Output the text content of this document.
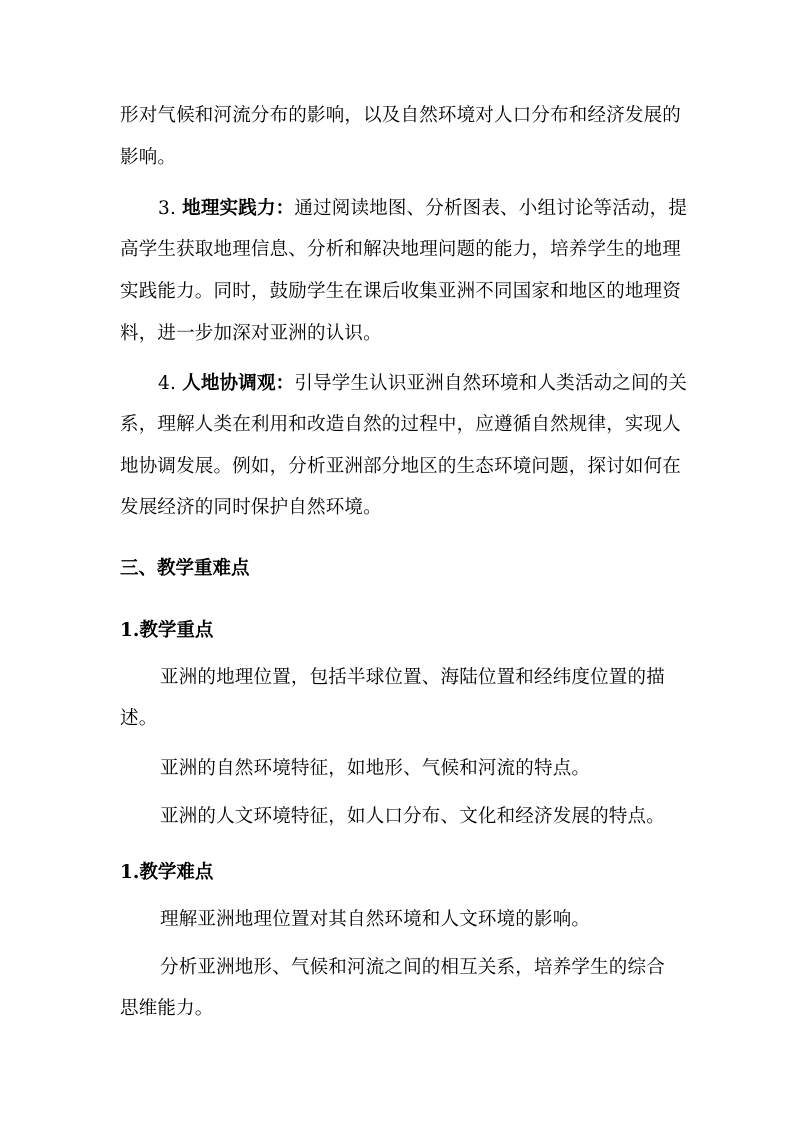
形对气候和河流分布的影响，以及自然环境对人口分布和经济发展的
影响。
3. 地理实践力：通过阅读地图、分析图表、小组讨论等活动，提
高学生获取地理信息、分析和解决地理问题的能力，培养学生的地理
实践能力。同时，鼓励学生在课后收集亚洲不同国家和地区的地理资
料，进一步加深对亚洲的认识。
4. 人地协调观：引导学生认识亚洲自然环境和人类活动之间的关
系，理解人类在利用和改造自然的过程中，应遵循自然规律，实现人
地协调发展。例如，分析亚洲部分地区的生态环境问题，探讨如何在
发展经济的同时保护自然环境。
三、教学重难点
1.教学重点
亚洲的地理位置，包括半球位置、海陆位置和经纬度位置的描
述。
亚洲的自然环境特征，如地形、气候和河流的特点。
亚洲的人文环境特征，如人口分布、文化和经济发展的特点。
1.教学难点
理解亚洲地理位置对其自然环境和人文环境的影响。
分析亚洲地形、气候和河流之间的相互关系，培养学生的综合
思维能力。
